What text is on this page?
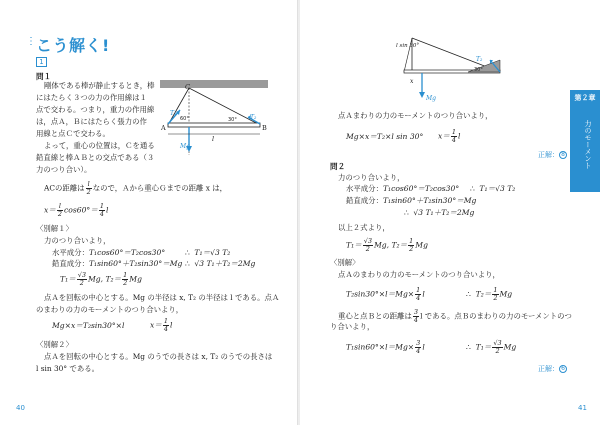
⋮ こう解く!
1
問１
剛体である棒が静止するとき，棒
にはたらく３つの力の作用線は１
点で交わる。つまり，重力の作用線
は，点Ａ，Ｂにはたらく張力の作
用線と点Ｃで交わる。
よって，重心の位置は，Ｃを通る
鉛直線と棒ＡＢとの交点である（３
力のつり合い）。
C
A	B
T₁
T₂
60°	30°
Mg
l
ACの距離は $\frac{l}{2}$ なので，Ａから重心Ｇまでの距離 x は，
$x= \frac{l}{2} \cos 60^\circ= \frac{1}{4}$ l
〈別解１〉
力のつり合いより，
水平成分：T₁cos60°＝T₂cos30°	∴ T₁＝√3 T₂
鉛直成分：T₁sin60°＋T₂sin30°＝Mg ∴ √3 T₁＋T₂＝2Mg
$T_1= \frac{√3}{2} Mg$, $T_2= \frac{1}{2}$ Mg
点Ａを回転の中心とする。Mg の半径は x, T₂ の半径は l である。点Ａ
のまわりの力のモーメントのつり合いより，
Mg×x＝T₂sin30°×l	$x= \frac{1}{4}$ l
〈別解２〉
点Ａを回転の中心とする。Mg のうでの長さは x, T₂ のうでの長さは
l sin 30° である。
40
l sin 30°
T₂
30°
x
Mg
点Ａまわりの力のモーメントのつり合いより，
Mg×x＝T₂×l sin 30° $x= \frac{1}{4}$ l
正解： 8
問２
力のつり合いより，
水平成分：T₁cos60°＝T₂cos30° ∴ T₁＝√3 T₂
鉛直成分：T₁sin60°＋T₂sin30°＝Mg
∴ √3 T₁＋T₂＝2Mg
以上２式より，
$T_1= \frac{√3}{2} Mg$, $T_2= \frac{1}{2}$ Mg
〈別解〉
点Ａのまわりの力のモーメントのつり合いより，
$T_2\sin 30^\circ\times l=Mg\times \frac{1}{4}$ l	∴ $T_2= \frac{1}{2}$ Mg
重心と点Ｂとの距離は $\frac{3}{4}$ l である。点Ｂのまわりの力のモーメントのつ
り合いより，
$T_1\sin 60^\circ\times l=Mg\times \frac{3}{4}$ l	∴ $T_1= \frac{√3}{2}$ Mg
正解： 6
41
第２章
力のモーメント
